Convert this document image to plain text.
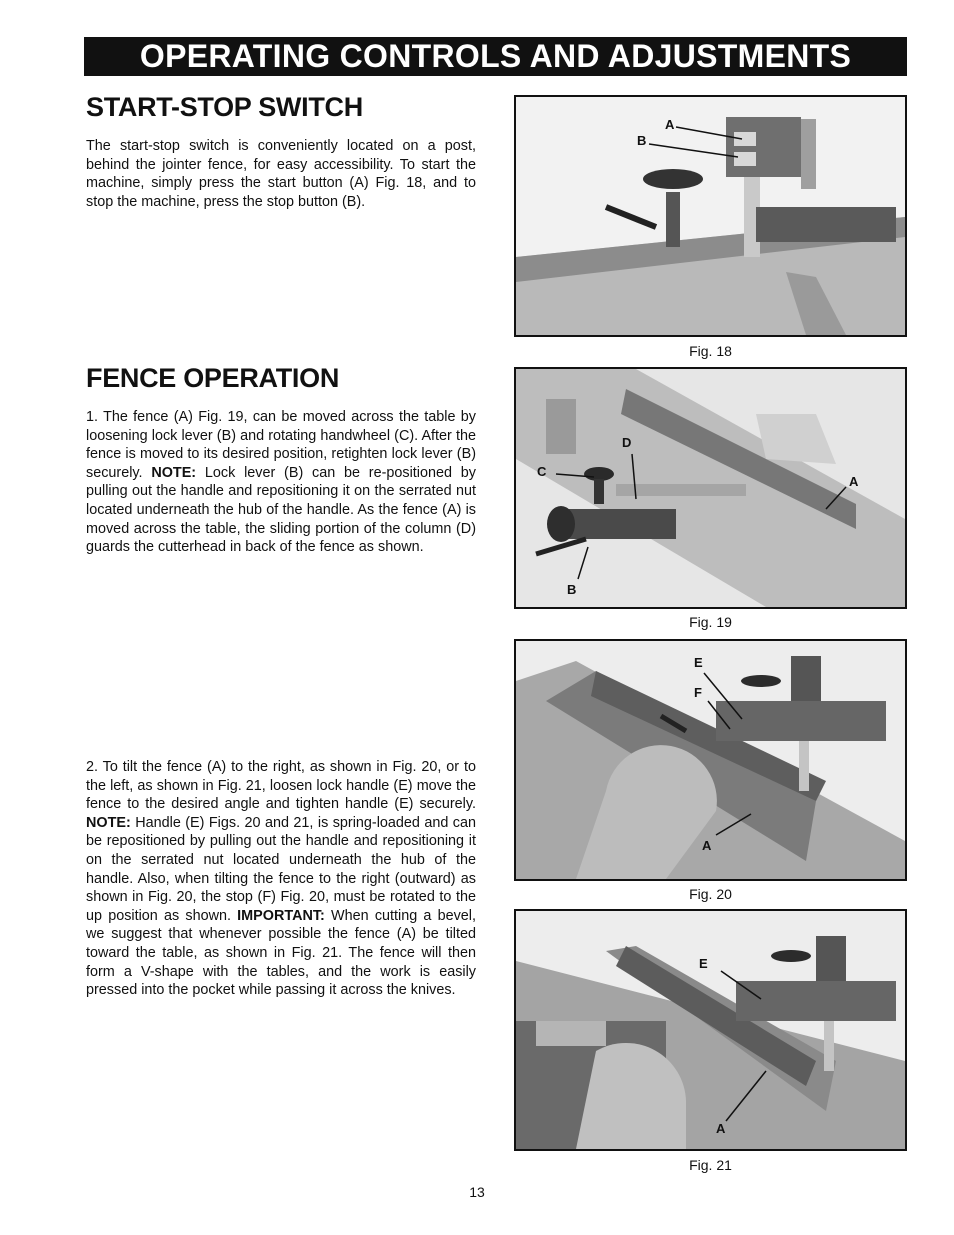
OPERATING CONTROLS AND ADJUSTMENTS
START-STOP SWITCH

The start-stop switch is conveniently located on a post, behind the jointer fence, for easy accessibility. To start the machine, simply press the start button (A) Fig. 18, and to stop the machine, press the stop button (B).

FENCE OPERATION

1. The fence (A) Fig. 19, can be moved across the table by loosening lock lever (B) and rotating handwheel (C). After the fence is moved to its desired position, retighten lock lever (B) securely. NOTE: Lock lever (B) can be re-positioned by pulling out the handle and repositioning it on the serrated nut located underneath the hub of the handle. As the fence (A) is moved across the table, the sliding portion of the column (D) guards the cutterhead in back of the fence as shown.

2. To tilt the fence (A) to the right, as shown in Fig. 20, or to the left, as shown in Fig. 21, loosen lock handle (E) move the fence to the desired angle and tighten handle (E) securely. NOTE: Handle (E) Figs. 20 and 21, is spring-loaded and can be repositioned by pulling out the handle and repositioning it on the serrated nut located underneath the hub of the handle. Also, when tilting the fence to the right (outward) as shown in Fig. 20, the stop (F) Fig. 20, must be rotated to the up position as shown. IMPORTANT: When cutting a bevel, we suggest that whenever possible the fence (A) be tilted toward the table, as shown in Fig. 21. The fence will then form a V-shape with the tables, and the work is easily pressed into the pocket while passing it across the knives.

A
B
Fig. 18
D
C
A
B
Fig. 19
E
F
A
Fig. 20
E
A
Fig. 21
13
